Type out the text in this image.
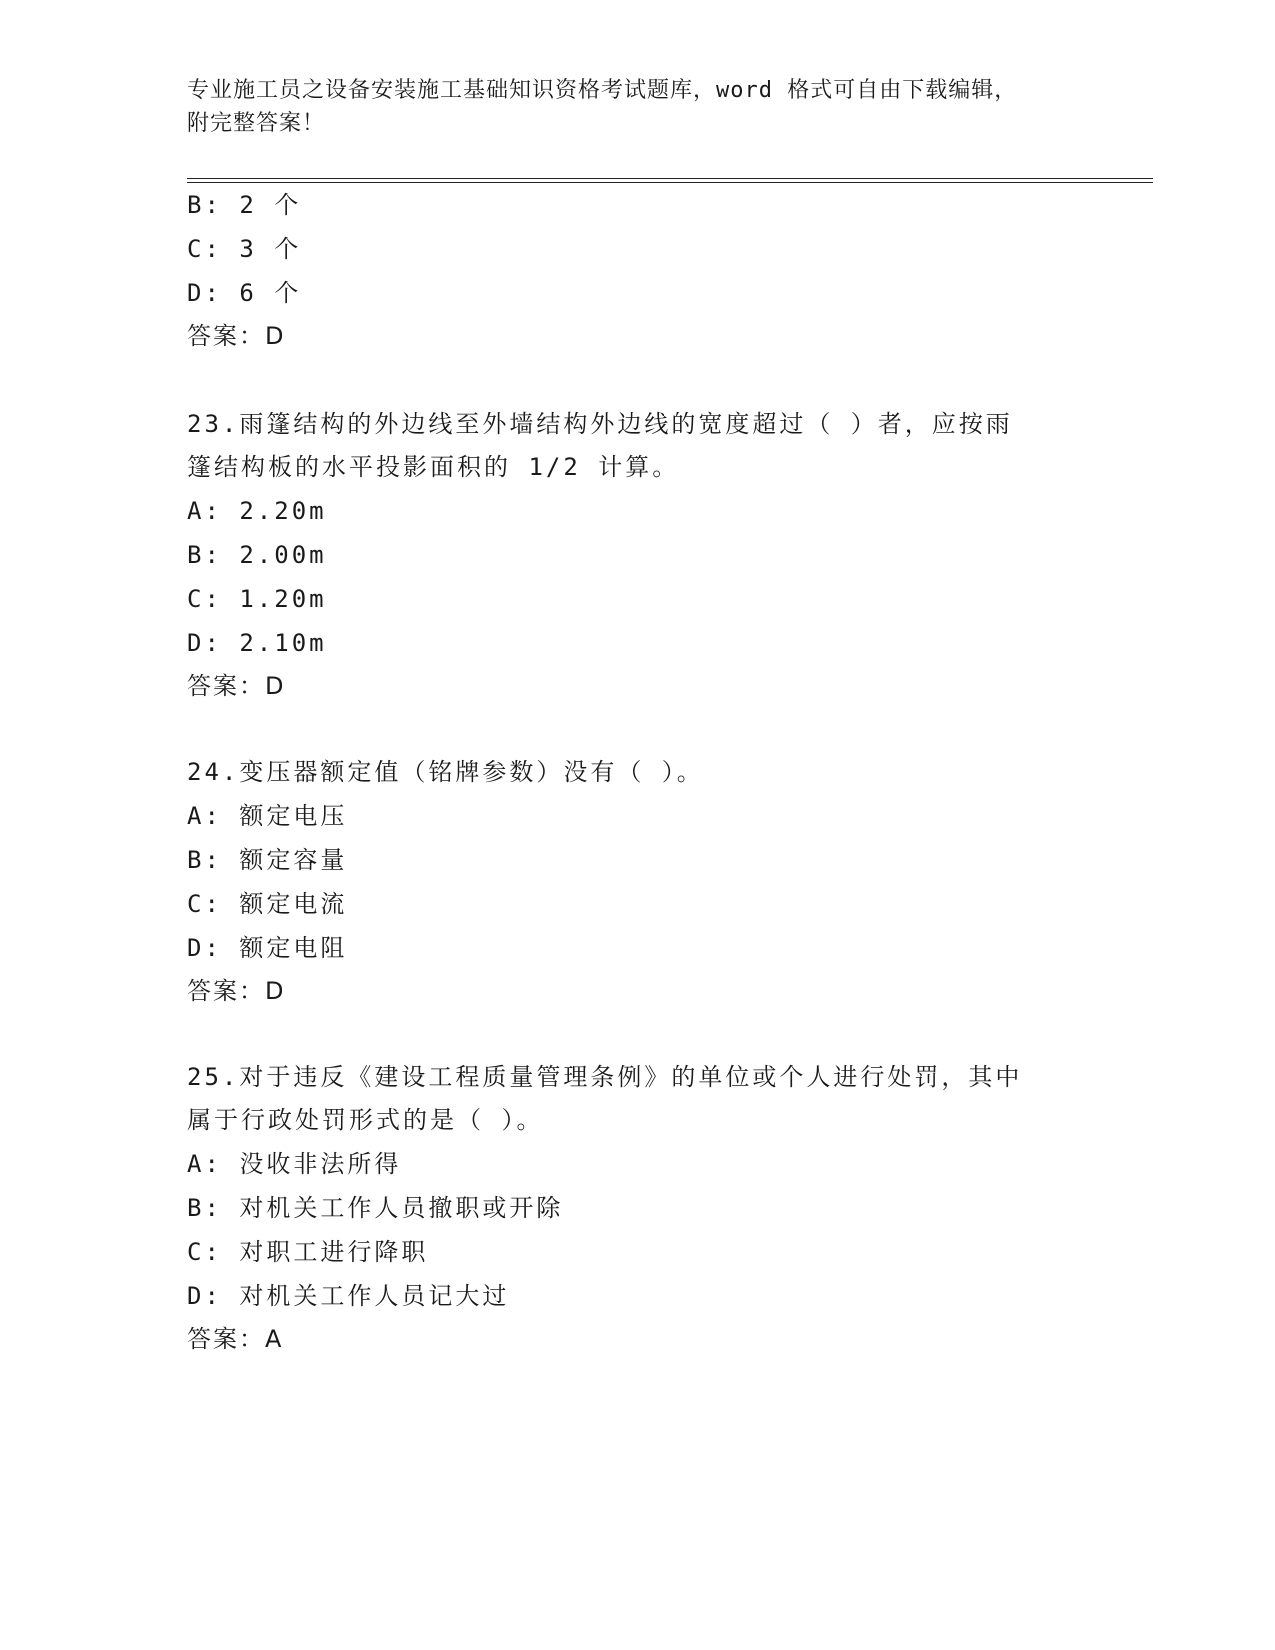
专业施工员之设备安装施工基础知识资格考试题库，word 格式可自由下载编辑，
附完整答案！
B: 2 个
C: 3 个
D: 6 个
答案：D
23.雨篷结构的外边线至外墙结构外边线的宽度超过（ ）者，应按雨
篷结构板的水平投影面积的 1/2 计算。
A: 2.20m
B: 2.00m
C: 1.20m
D: 2.10m
答案：D
24.变压器额定值（铭牌参数）没有（ ）。
A: 额定电压
B: 额定容量
C: 额定电流
D: 额定电阻
答案：D
25.对于违反《建设工程质量管理条例》的单位或个人进行处罚，其中
属于行政处罚形式的是（ ）。
A: 没收非法所得
B: 对机关工作人员撤职或开除
C: 对职工进行降职
D: 对机关工作人员记大过
答案：A
